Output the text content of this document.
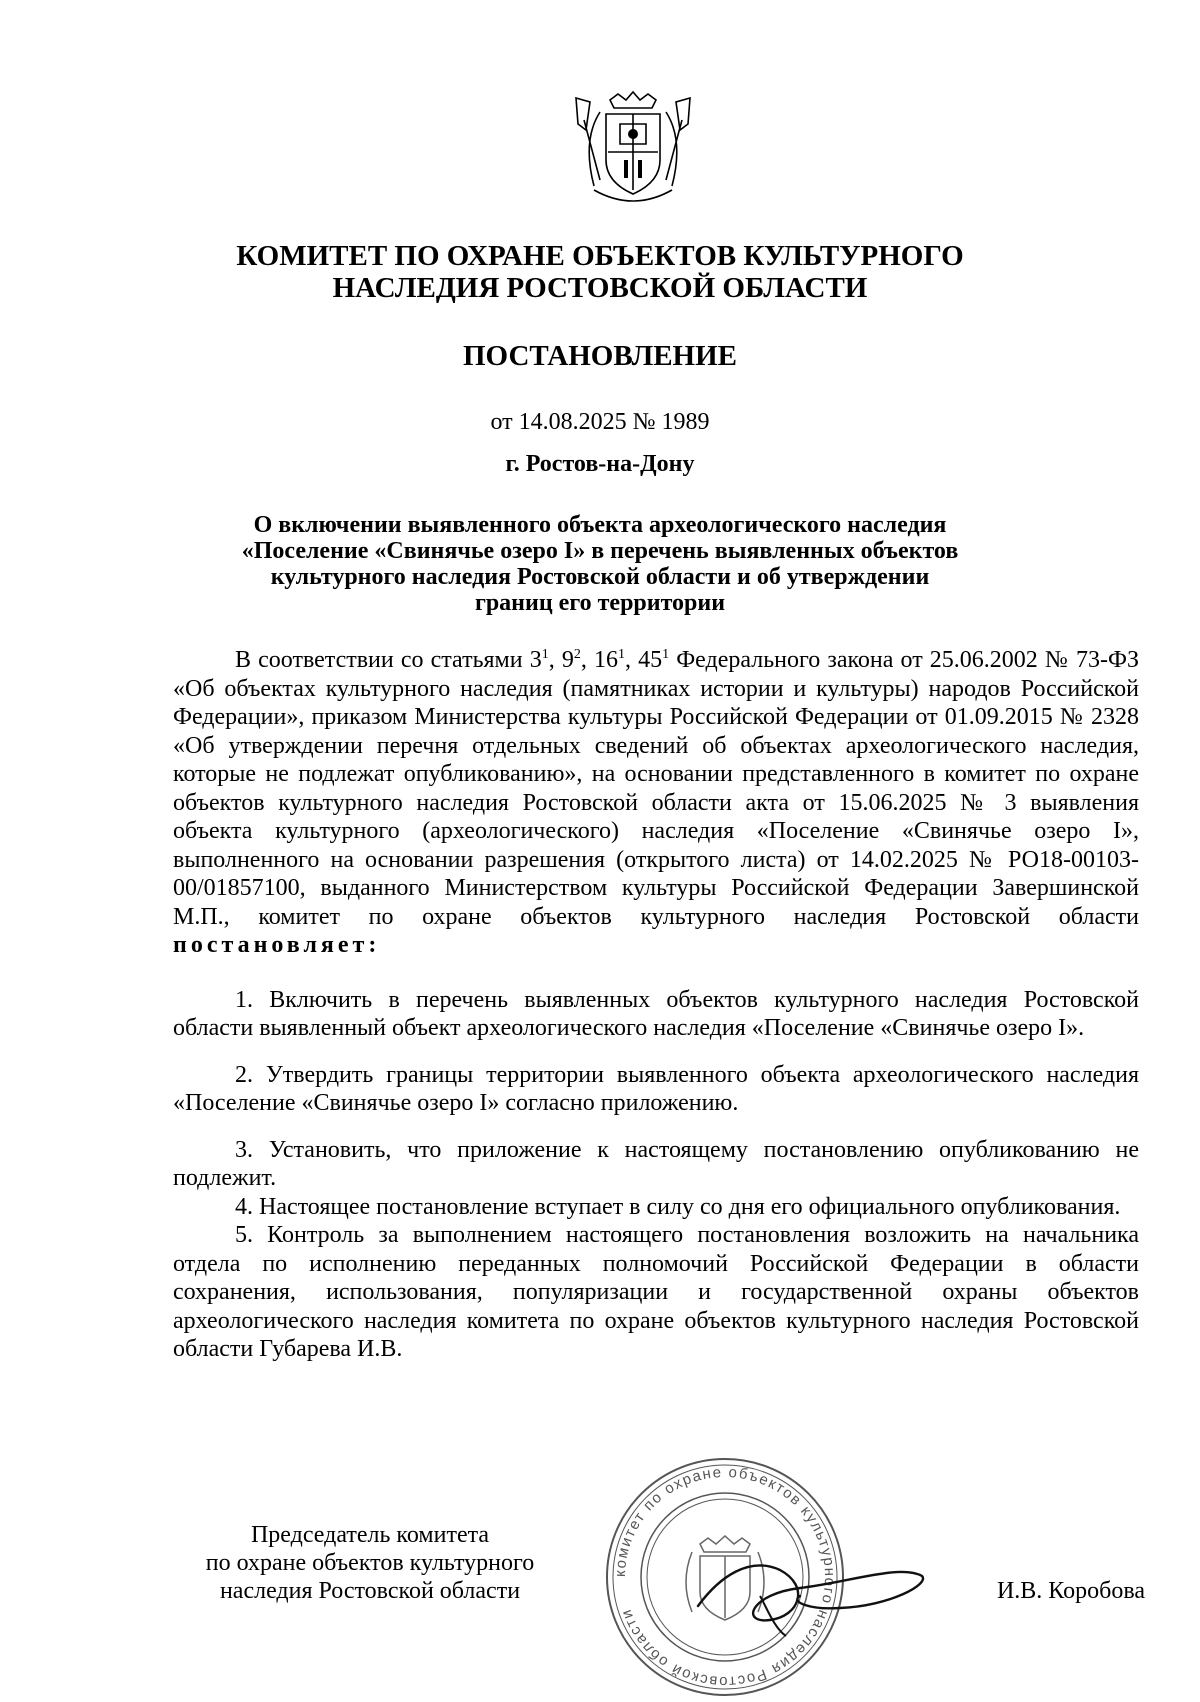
КОМИТЕТ ПО ОХРАНЕ ОБЪЕКТОВ КУЛЬТУРНОГО
НАСЛЕДИЯ РОСТОВСКОЙ ОБЛАСТИ
ПОСТАНОВЛЕНИЕ
от 14.08.2025 № 1989
г. Ростов-на-Дону
О включении выявленного объекта археологического наследия
«Поселение «Свинячье озеро I» в перечень выявленных объектов
культурного наследия Ростовской области и об утверждении
границ его территории

В соответствии со статьями $3^1$, $9^2$, $16^1$, $45^1$ Федерального закона от 25.06.2002 № 73-ФЗ «Об объектах культурного наследия (памятниках истории и культуры) народов Российской Федерации», приказом Министерства культуры Российской Федерации от 01.09.2015 № 2328 «Об утверждении перечня отдельных сведений об объектах археологического наследия, которые не подлежат опубликованию», на основании представленного в комитет по охране объектов культурного наследия Ростовской области акта от 15.06.2025 № 3 выявления объекта культурного (археологического) наследия «Поселение «Свинячье озеро I», выполненного на основании разрешения (открытого листа) от 14.02.2025 № РО18-00103-00/01857100, выданного Министерством культуры Российской Федерации Завершинской М.П., комитет по охране объектов культурного наследия Ростовской области постановляет:

1. Включить в перечень выявленных объектов культурного наследия Ростовской области выявленный объект археологического наследия «Поселение «Свинячье озеро I».

2. Утвердить границы территории выявленного объекта археологического наследия «Поселение «Свинячье озеро I» согласно приложению.

3. Установить, что приложение к настоящему постановлению опубликованию не подлежит.

4. Настоящее постановление вступает в силу со дня его официального опубликования.

5. Контроль за выполнением настоящего постановления возложить на начальника отдела по исполнению переданных полномочий Российской Федерации в области сохранения, использования, популяризации и государственной охраны объектов археологического наследия комитета по охране объектов культурного наследия Ростовской области Губарева И.В.

Председатель комитета
по охране объектов культурного
наследия Ростовской области
комитет по охране объектов культурного наследия Ростовской области
И.В. Коробова
